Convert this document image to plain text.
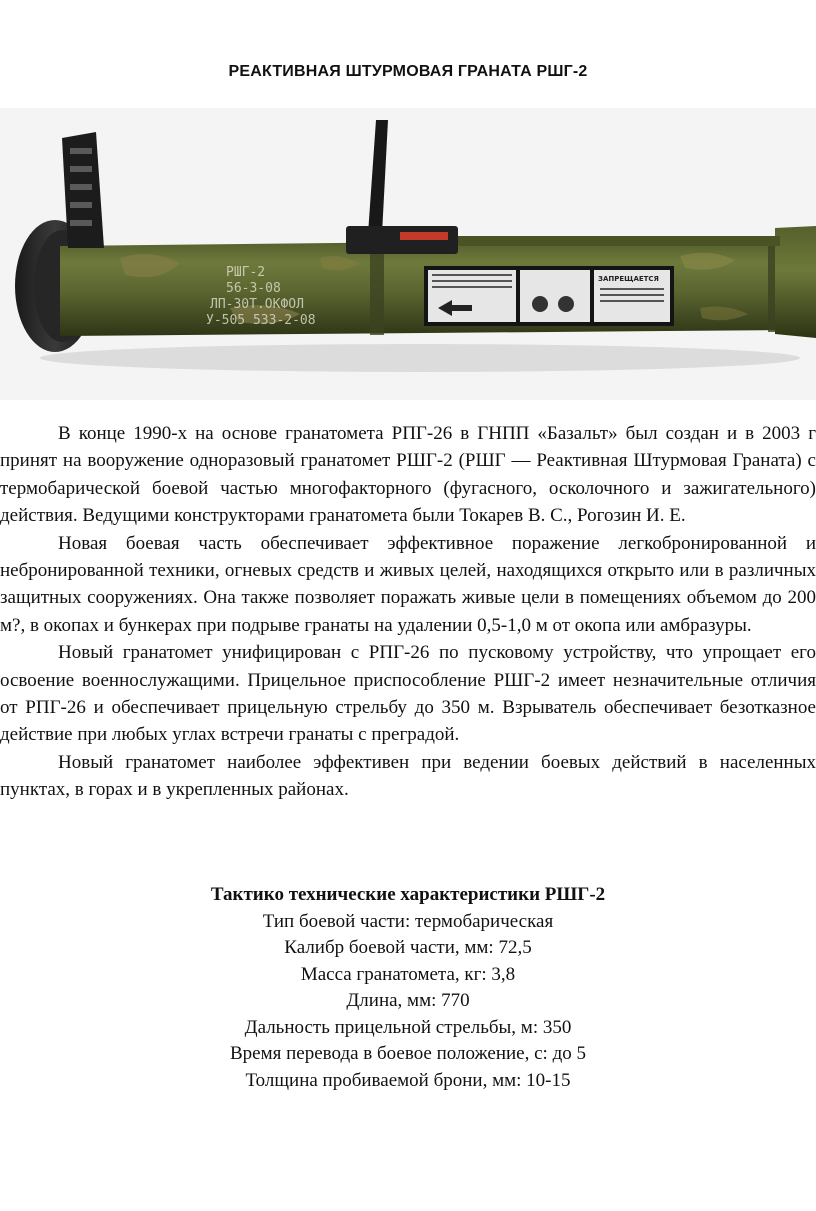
РЕАКТИВНАЯ ШТУРМОВАЯ ГРАНАТА РШГ-2
РШГ-2
56-3-08
ЛП-30Т.ОКФОЛ
У-505 533-2-08
ЗАПРЕЩАЕТСЯ

В конце 1990-х на основе гранатомета РПГ-26 в ГНПП «Базальт» был создан и в 2003 г принят на вооружение одноразовый гранатомет РШГ-2 (РШГ — Реактивная Штурмовая Граната) с термобарической боевой частью многофакторного (фугасного, осколочного и зажигательного) действия. Ведущими конструкторами гранатомета были Токарев В. С., Рогозин И. Е.

Новая боевая часть обеспечивает эффективное поражение легкобронированной и небронированной техники, огневых средств и живых целей, находящихся открыто или в различных защитных сооружениях. Она также позволяет поражать живые цели в помещениях объемом до 200 м?, в окопах и бункерах при подрыве гранаты на удалении 0,5-1,0 м от окопа или амбразуры.

Новый гранатомет унифицирован с РПГ-26 по пусковому устройству, что упрощает его освоение военнослужащими. Прицельное приспособление РШГ-2 имеет незначительные отличия от РПГ-26 и обеспечивает прицельную стрельбу до 350 м. Взрыватель обеспечивает безотказное действие при любых углах встречи гранаты с преградой.

Новый гранатомет наиболее эффективен при ведении боевых действий в населенных пунктах, в горах и в укрепленных районах.

Тактико технические характеристики РШГ-2
Тип боевой части: термобарическая
Калибр боевой части, мм: 72,5
Масса гранатомета, кг: 3,8
Длина, мм: 770
Дальность прицельной стрельбы, м: 350
Время перевода в боевое положение, с: до 5
Толщина пробиваемой брони, мм: 10-15
